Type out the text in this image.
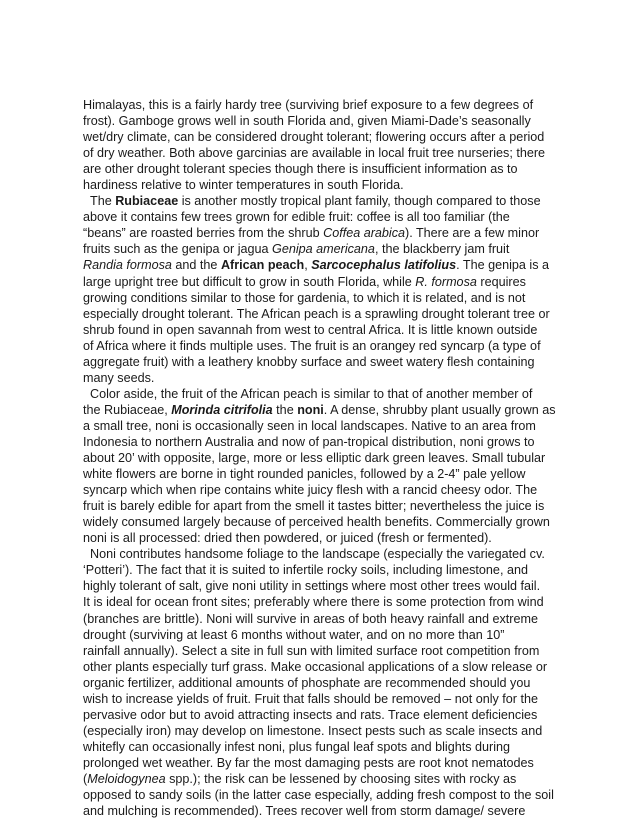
Himalayas, this is a fairly hardy tree (surviving brief exposure to a few degrees of
frost). Gamboge grows well in south Florida and, given Miami-Dade’s seasonally
wet/dry climate, can be considered drought tolerant; flowering occurs after a period
of dry weather. Both above garcinias are available in local fruit tree nurseries; there
are other drought tolerant species though there is insufficient information as to
hardiness relative to winter temperatures in south Florida.
The Rubiaceae is another mostly tropical plant family, though compared to those
above it contains few trees grown for edible fruit: coffee is all too familiar (the
“beans” are roasted berries from the shrub Coffea arabica). There are a few minor
fruits such as the genipa or jagua Genipa americana, the blackberry jam fruit
Randia formosa and the African peach, Sarcocephalus latifolius. The genipa is a
large upright tree but difficult to grow in south Florida, while R. formosa requires
growing conditions similar to those for gardenia, to which it is related, and is not
especially drought tolerant. The African peach is a sprawling drought tolerant tree or
shrub found in open savannah from west to central Africa. It is little known outside
of Africa where it finds multiple uses. The fruit is an orangey red syncarp (a type of
aggregate fruit) with a leathery knobby surface and sweet watery flesh containing
many seeds.
Color aside, the fruit of the African peach is similar to that of another member of
the Rubiaceae, Morinda citrifolia the noni. A dense, shrubby plant usually grown as
a small tree, noni is occasionally seen in local landscapes. Native to an area from
Indonesia to northern Australia and now of pan-tropical distribution, noni grows to
about 20’ with opposite, large, more or less elliptic dark green leaves. Small tubular
white flowers are borne in tight rounded panicles, followed by a 2-4” pale yellow
syncarp which when ripe contains white juicy flesh with a rancid cheesy odor. The
fruit is barely edible for apart from the smell it tastes bitter; nevertheless the juice is
widely consumed largely because of perceived health benefits. Commercially grown
noni is all processed: dried then powdered, or juiced (fresh or fermented).
Noni contributes handsome foliage to the landscape (especially the variegated cv.
‘Potteri’). The fact that it is suited to infertile rocky soils, including limestone, and
highly tolerant of salt, give noni utility in settings where most other trees would fail.
It is ideal for ocean front sites; preferably where there is some protection from wind
(branches are brittle). Noni will survive in areas of both heavy rainfall and extreme
drought (surviving at least 6 months without water, and on no more than 10”
rainfall annually). Select a site in full sun with limited surface root competition from
other plants especially turf grass. Make occasional applications of a slow release or
organic fertilizer, additional amounts of phosphate are recommended should you
wish to increase yields of fruit. Fruit that falls should be removed – not only for the
pervasive odor but to avoid attracting insects and rats. Trace element deficiencies
(especially iron) may develop on limestone. Insect pests such as scale insects and
whitefly can occasionally infest noni, plus fungal leaf spots and blights during
prolonged wet weather. By far the most damaging pests are root knot nematodes
(Meloidogynea spp.); the risk can be lessened by choosing sites with rocky as
opposed to sandy soils (in the latter case especially, adding fresh compost to the soil
and mulching is recommended). Trees recover well from storm damage/ severe
